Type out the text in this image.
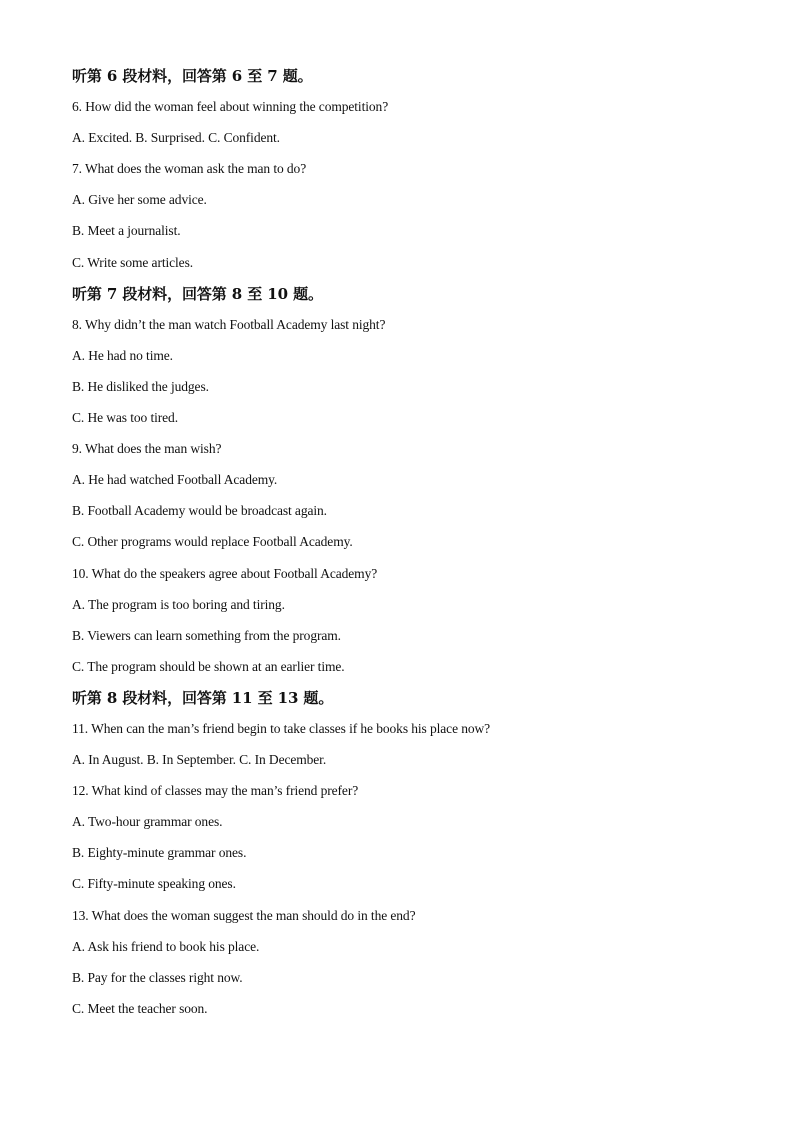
听第 6 段材料，回答第 6 至 7 题。
6. How did the woman feel about winning the competition?
A. Excited. B. Surprised. C. Confident.
7. What does the woman ask the man to do?
A. Give her some advice.
B. Meet a journalist.
C. Write some articles.
听第 7 段材料，回答第 8 至 10 题。
8. Why didn’t the man watch Football Academy last night?
A. He had no time.
B. He disliked the judges.
C. He was too tired.
9. What does the man wish?
A. He had watched Football Academy.
B. Football Academy would be broadcast again.
C. Other programs would replace Football Academy.
10. What do the speakers agree about Football Academy?
A. The program is too boring and tiring.
B. Viewers can learn something from the program.
C. The program should be shown at an earlier time.
听第 8 段材料，回答第 11 至 13 题。
11. When can the man’s friend begin to take classes if he books his place now?
A. In August. B. In September. C. In December.
12. What kind of classes may the man’s friend prefer?
A. Two-hour grammar ones.
B. Eighty-minute grammar ones.
C. Fifty-minute speaking ones.
13. What does the woman suggest the man should do in the end?
A. Ask his friend to book his place.
B. Pay for the classes right now.
C. Meet the teacher soon.
